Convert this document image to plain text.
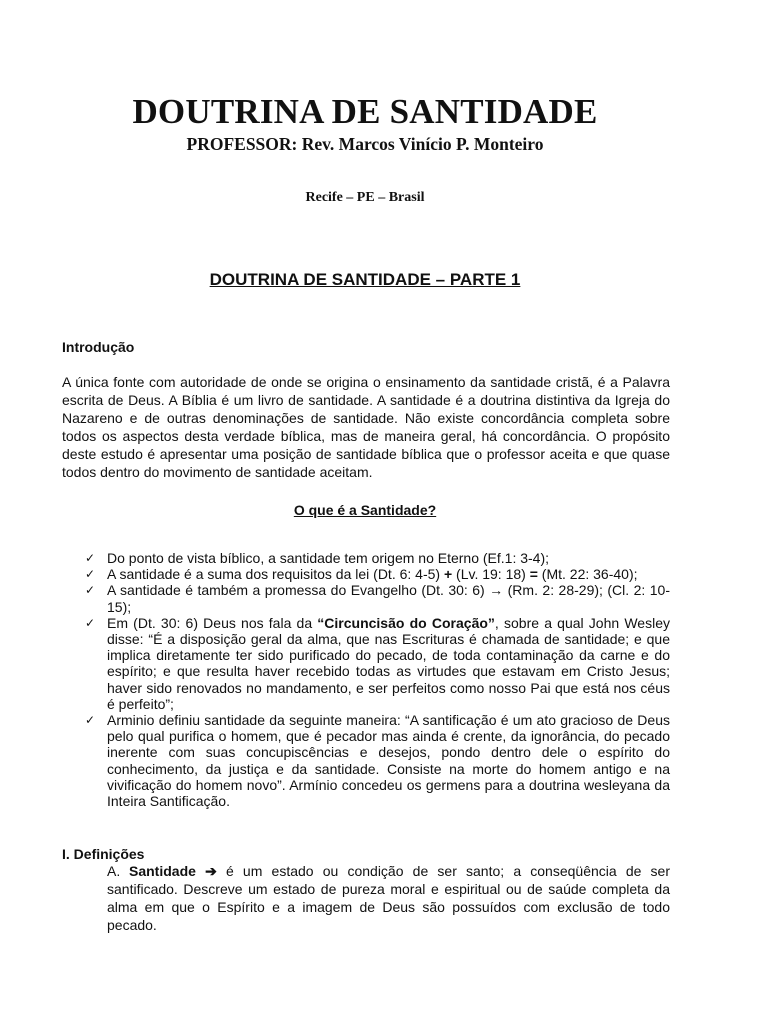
DOUTRINA DE SANTIDADE
PROFESSOR: Rev. Marcos Vinício P. Monteiro
Recife – PE – Brasil
DOUTRINA DE SANTIDADE – PARTE 1
Introdução

A única fonte com autoridade de onde se origina o ensinamento da santidade cristã, é a Palavra escrita de Deus. A Bíblia é um livro de santidade. A santidade é a doutrina distintiva da Igreja do Nazareno e de outras denominações de santidade. Não existe concordância completa sobre todos os aspectos desta verdade bíblica, mas de maneira geral, há concordância. O propósito deste estudo é apresentar uma posição de santidade bíblica que o professor aceita e que quase todos dentro do movimento de santidade aceitam.

O que é a Santidade?
✓ Do ponto de vista bíblico, a santidade tem origem no Eterno (Ef.1: 3-4);
✓ A santidade é a suma dos requisitos da lei (Dt. 6: 4-5) + (Lv. 19: 18) = (Mt. 22: 36-40);
✓ A santidade é também a promessa do Evangelho (Dt. 30: 6) → (Rm. 2: 28-29); (Cl. 2: 10-15);
✓ Em (Dt. 30: 6) Deus nos fala da “Circuncisão do Coração”, sobre a qual John Wesley disse: “É a disposição geral da alma, que nas Escrituras é chamada de santidade; e que implica diretamente ter sido purificado do pecado, de toda contaminação da carne e do espírito; e que resulta haver recebido todas as virtudes que estavam em Cristo Jesus; haver sido renovados no mandamento, e ser perfeitos como nosso Pai que está nos céus é perfeito”;
✓ Arminio definiu santidade da seguinte maneira: “A santificação é um ato gracioso de Deus pelo qual purifica o homem, que é pecador mas ainda é crente, da ignorância, do pecado inerente com suas concupiscências e desejos, pondo dentro dele o espírito do conhecimento, da justiça e da santidade. Consiste na morte do homem antigo e na vivificação do homem novo”. Armínio concedeu os germens para a doutrina wesleyana da Inteira Santificação.
I. Definições
A. Santidade ➔ é um estado ou condição de ser santo; a conseqüência de ser santificado. Descreve um estado de pureza moral e espiritual ou de saúde completa da alma em que o Espírito e a imagem de Deus são possuídos com exclusão de todo pecado.
